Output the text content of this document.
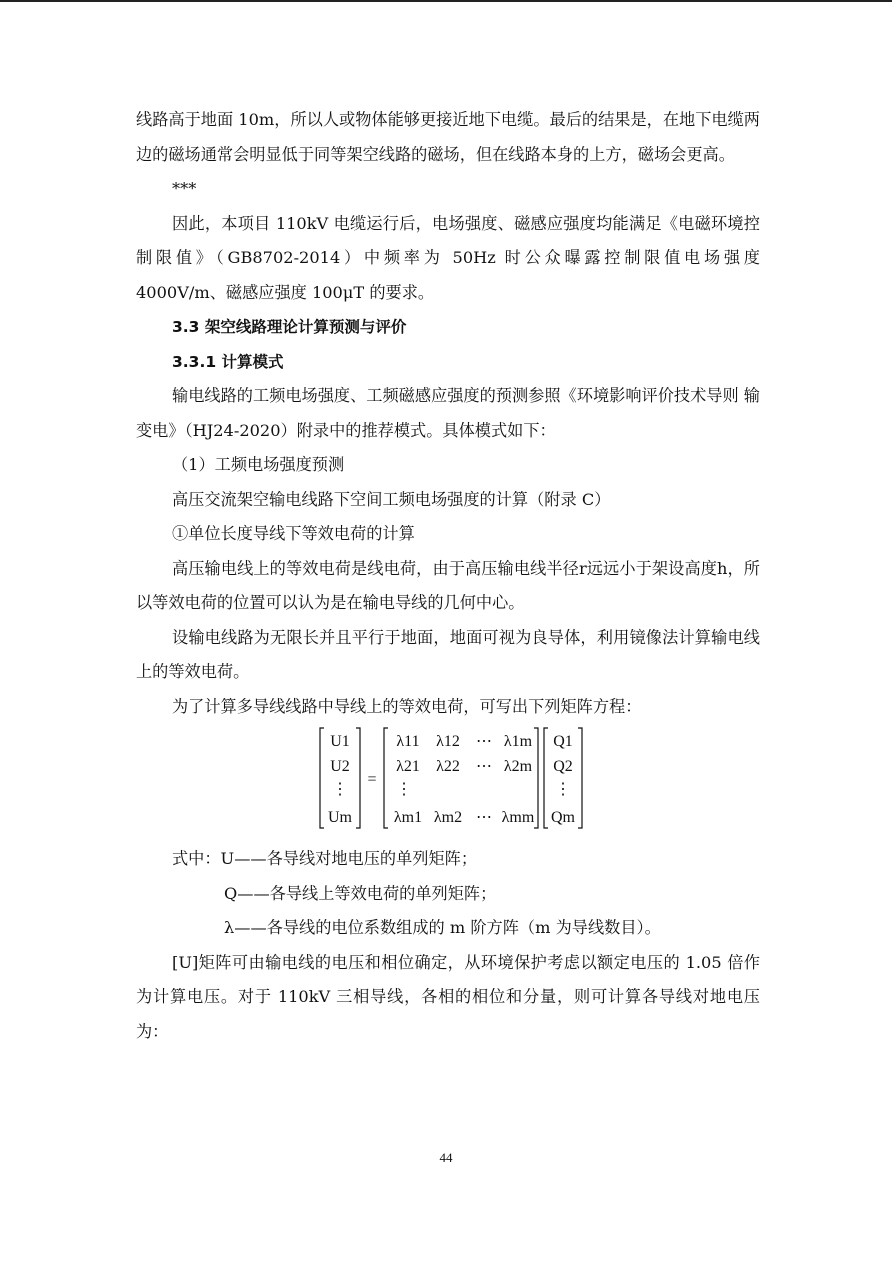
线路高于地面 10m，所以人或物体能够更接近地下电缆。最后的结果是，在地下电缆两边的磁场通常会明显低于同等架空线路的磁场，但在线路本身的上方，磁场会更高。

***

因此，本项目 110kV 电缆运行后，电场强度、磁感应强度均能满足《电磁环境控制限值》（GB8702-2014）中频率为 50Hz 时公众曝露控制限值电场强度 4000V/m、磁感应强度 100μT 的要求。

3.3 架空线路理论计算预测与评价

3.3.1 计算模式

输电线路的工频电场强度、工频磁感应强度的预测参照《环境影响评价技术导则 输变电》（HJ24-2020）附录中的推荐模式。具体模式如下：

（1）工频电场强度预测

高压交流架空输电线路下空间工频电场强度的计算（附录 C）

①单位长度导线下等效电荷的计算

高压输电线上的等效电荷是线电荷，由于高压输电线半径r远远小于架设高度h，所以等效电荷的位置可以认为是在输电导线的几何中心。

设输电线路为无限长并且平行于地面，地面可视为良导体，利用镜像法计算输电线上的等效电荷。

为了计算多导线线路中导线上的等效电荷，可写出下列矩阵方程：

U1
U2
⋮
Um
=
λ11 λ12 ⋯ λ1m
λ21 λ22 ⋯ λ2m
⋮
λm1 λm2 ⋯ λmm
Q1
Q2
⋮
Qm
式中：U——各导线对地电压的单列矩阵；
Q——各导线上等效电荷的单列矩阵；
λ——各导线的电位系数组成的 m 阶方阵（m 为导线数目）。

[U]矩阵可由输电线的电压和相位确定，从环境保护考虑以额定电压的 1.05 倍作为计算电压。对于 110kV 三相导线，各相的相位和分量，则可计算各导线对地电压为：

44
